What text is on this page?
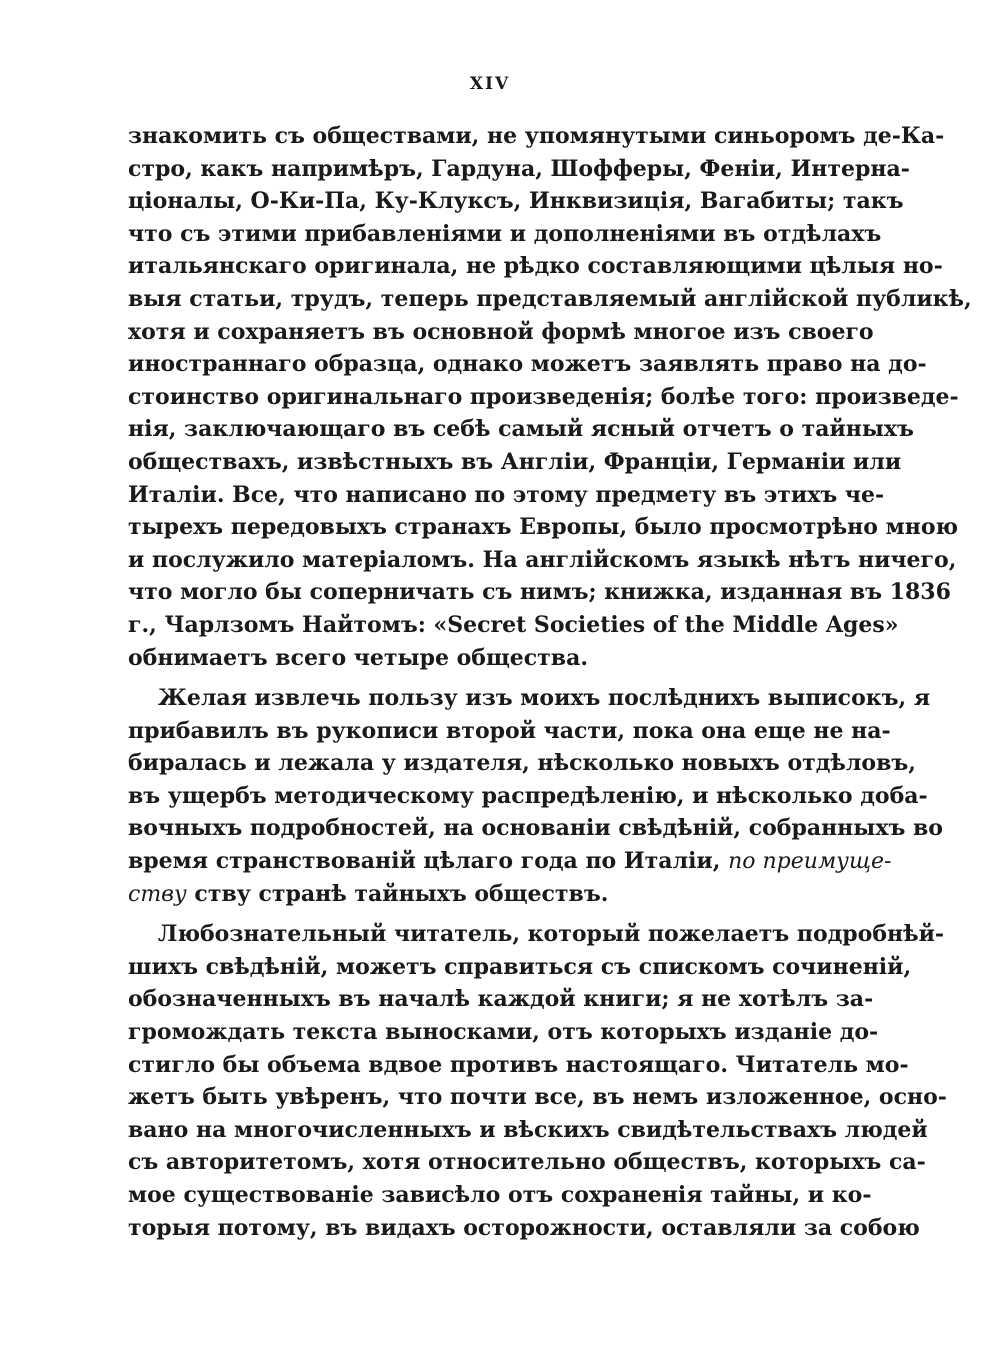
XIV
знакомить съ обществами, не упомянутыми синьоромъ де-Ка-
стро, какъ напримѣръ, Гардуна, Шофферы, Феніи, Интерна-
ціоналы, О-Ки-Па, Ку-Клуксъ, Инквизиція, Вагабиты; такъ
что съ этими прибавленіями и дополненіями въ отдѣлахъ
итальянскаго оригинала, не рѣдко составляющими цѣлыя но-
выя статьи, трудъ, теперь представляемый англійской публикѣ,
хотя и сохраняетъ въ основной формѣ многое изъ своего
иностраннаго образца, однако можетъ заявлять право на до-
стоинство оригинальнаго произведенія; болѣе того: произведе-
нія, заключающаго въ себѣ самый ясный отчетъ о тайныхъ
обществахъ, извѣстныхъ въ Англіи, Франціи, Германіи или
Италіи. Все, что написано по этому предмету въ этихъ че-
тырехъ передовыхъ странахъ Европы, было просмотрѣно мною
и послужило матеріаломъ. На англійскомъ языкѣ нѣтъ ничего,
что могло бы соперничать съ нимъ; книжка, изданная въ 1836
г., Чарлзомъ Найтомъ: «Secret Societies of the Middle Ages»
обнимаетъ всего четыре общества.
Желая извлечь пользу изъ моихъ послѣднихъ выписокъ, я
прибавилъ въ рукописи второй части, пока она еще не на-
биралась и лежала у издателя, нѣсколько новыхъ отдѣловъ,
въ ущербъ методическому распредѣленію, и нѣсколько доба-
вочныхъ подробностей, на основаніи свѣдѣній, собранныхъ во
время странствованій цѣлаго года по Италіи, по преимуще-
ству ству странѣ тайныхъ обществъ.
Любознательный читатель, который пожелаетъ подробнѣй-
шихъ свѣдѣній, можетъ справиться съ спискомъ сочиненій,
обозначенныхъ въ началѣ каждой книги; я не хотѣлъ за-
громождать текста выносками, отъ которыхъ изданіе до-
стигло бы объема вдвое противъ настоящаго. Читатель мо-
жетъ быть увѣренъ, что почти все, въ немъ изложенное, осно-
вано на многочисленныхъ и вѣскихъ свидѣтельствахъ людей
съ авторитетомъ, хотя относительно обществъ, которыхъ са-
мое существованіе зависѣло отъ сохраненія тайны, и ко-
торыя потому, въ видахъ осторожности, оставляли за собою
